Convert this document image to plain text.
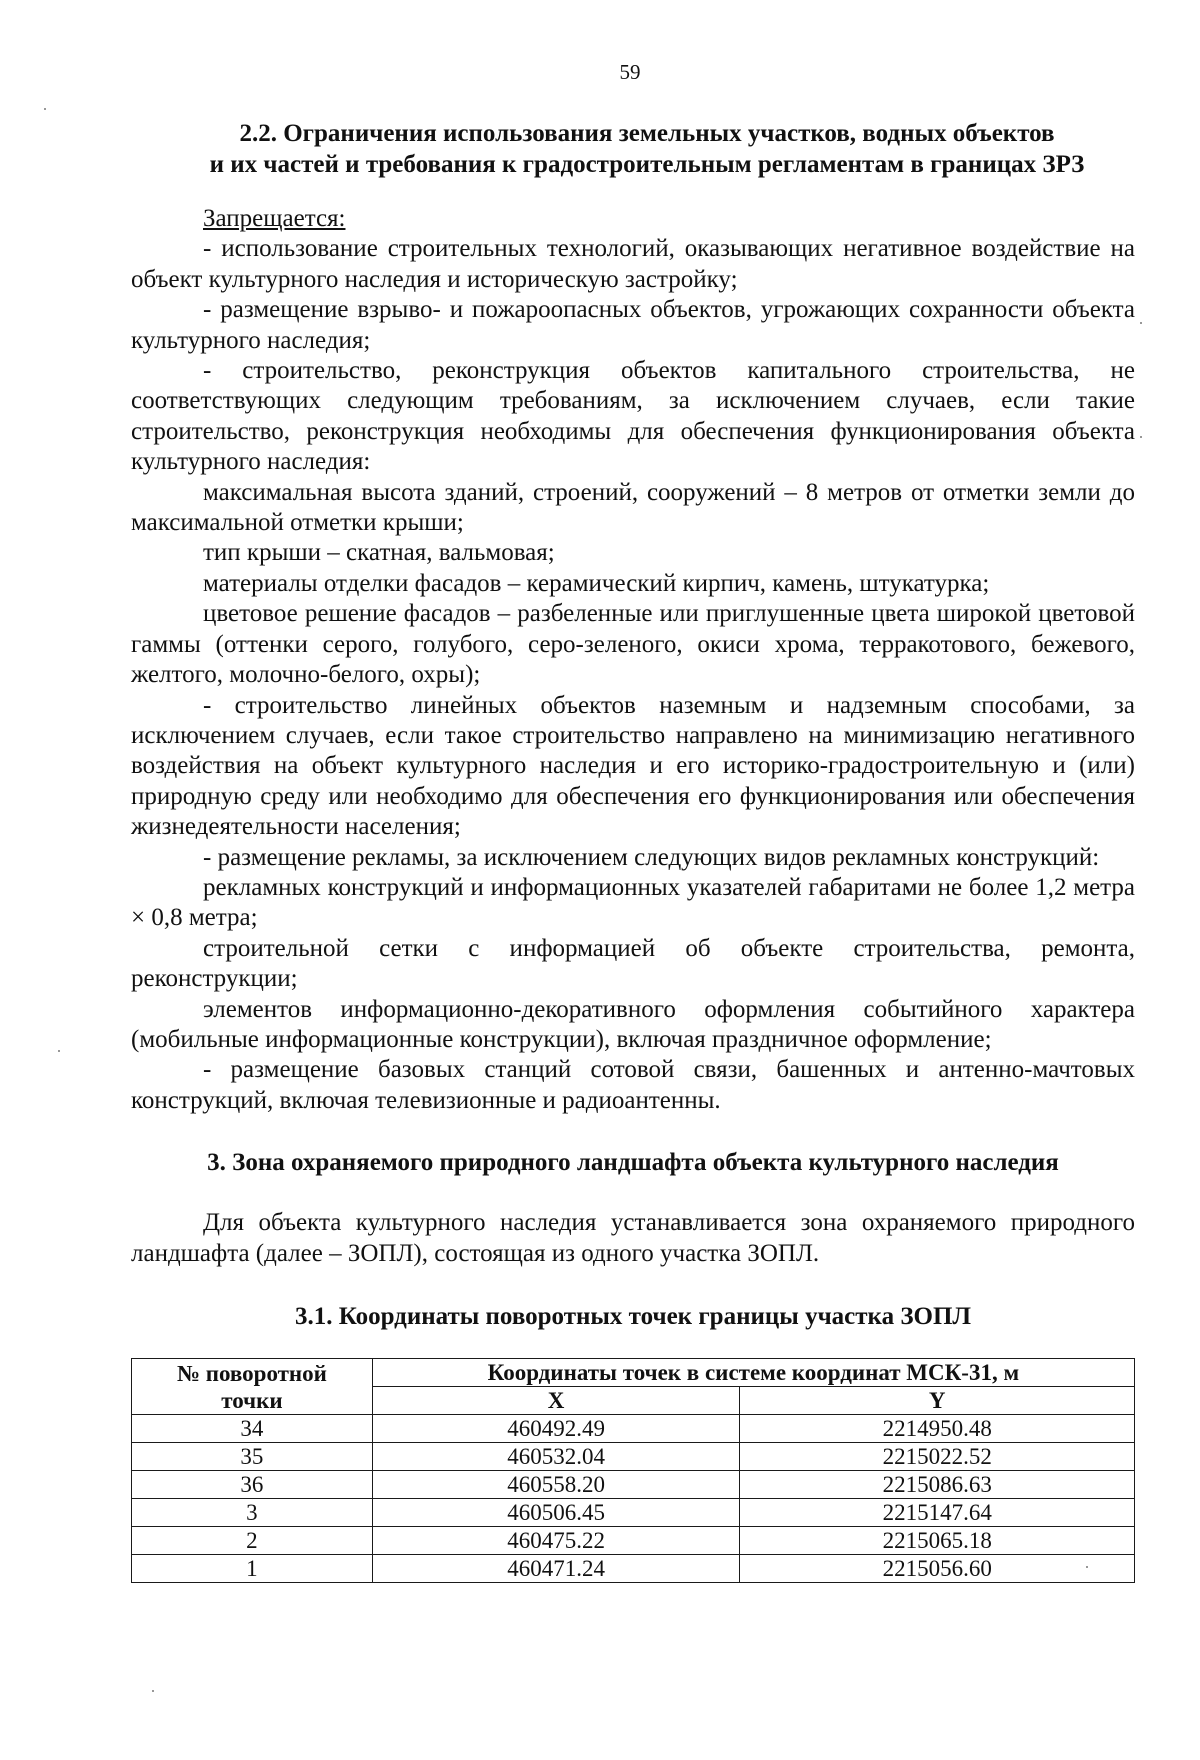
59

2.2. Ограничения использования земельных участков, водных объектов

и их частей и требования к градостроительным регламентам в границах ЗРЗ

Запрещается:

- использование строительных технологий, оказывающих негативное воздействие на объект культурного наследия и историческую застройку;

- размещение взрыво- и пожароопасных объектов, угрожающих сохранности объекта культурного наследия;

- строительство, реконструкция объектов капитального строительства, не соответствующих следующим требованиям, за исключением случаев, если такие строительство, реконструкция необходимы для обеспечения функционирования объекта культурного наследия:

максимальная высота зданий, строений, сооружений – 8 метров от отметки земли до максимальной отметки крыши;

тип крыши – скатная, вальмовая;

материалы отделки фасадов – керамический кирпич, камень, штукатурка;

цветовое решение фасадов – разбеленные или приглушенные цвета широкой цветовой гаммы (оттенки серого, голубого, серо-зеленого, окиси хрома, терракотового, бежевого, желтого, молочно-белого, охры);

- строительство линейных объектов наземным и надземным способами, за исключением случаев, если такое строительство направлено на минимизацию негативного воздействия на объект культурного наследия и его историко-градостроительную и (или) природную среду или необходимо для обеспечения его функционирования или обеспечения жизнедеятельности населения;

- размещение рекламы, за исключением следующих видов рекламных конструкций:

рекламных конструкций и информационных указателей габаритами не более 1,2 метра × 0,8 метра;

строительной сетки с информацией об объекте строительства, ремонта, реконструкции;

элементов информационно-декоративного оформления событийного характера (мобильные информационные конструкции), включая праздничное оформление;

- размещение базовых станций сотовой связи, башенных и антенно-мачтовых конструкций, включая телевизионные и радиоантенны.

3. Зона охраняемого природного ландшафта объекта культурного наследия

Для объекта культурного наследия устанавливается зона охраняемого природного ландшафта (далее – ЗОПЛ), состоящая из одного участка ЗОПЛ.

3.1. Координаты поворотных точек границы участка ЗОПЛ

№ поворотной
точки	Координаты точек в системе координат МСК-31, м	
	X	Y
34	460492.49	2214950.48
35	460532.04	2215022.52
36	460558.20	2215086.63
3	460506.45	2215147.64
2	460475.22	2215065.18
1	460471.24	2215056.60
